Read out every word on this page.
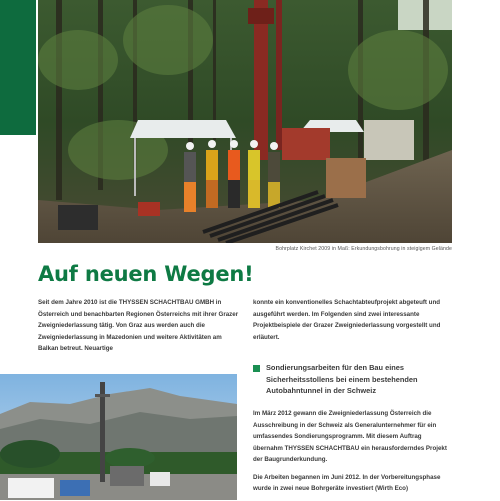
Bohrplatz Kirchet 2009 in Maß: Erkundungsbohrung in steigigem Gelände
Auf neuen Wegen!

Seit dem Jahre 2010 ist die THYSSEN SCHACHTBAU GMBH in Österreich und benachbarten Regionen Österreichs mit ihrer Grazer Zweigniederlassung tätig. Von Graz aus werden auch die Zweigniederlassung in Mazedonien und weitere Aktivitäten am Balkan betreut. Neuartige

konnte ein konventionelles Schachtabteufprojekt abgeteuft und ausgeführt werden. Im Folgenden sind zwei interessante Projektbeispiele der Grazer Zweigniederlassung vorgestellt und erläutert.

Sondierungsarbeiten für den Bau eines Sicherheitsstollens bei einem bestehenden Autobahntunnel in der Schweiz

Im März 2012 gewann die Zweigniederlassung Österreich die Ausschreibung in der Schweiz als Generalunternehmer für ein umfassendes Sondierungsprogramm. Mit diesem Auftrag übernahm THYSSEN SCHACHTBAU ein herausforderndes Projekt der Baugrunderkundung.

Die Arbeiten begannen im Juni 2012. In der Vorbereitungsphase wurde in zwei neue Bohrgeräte investiert (Wirth Eco)
